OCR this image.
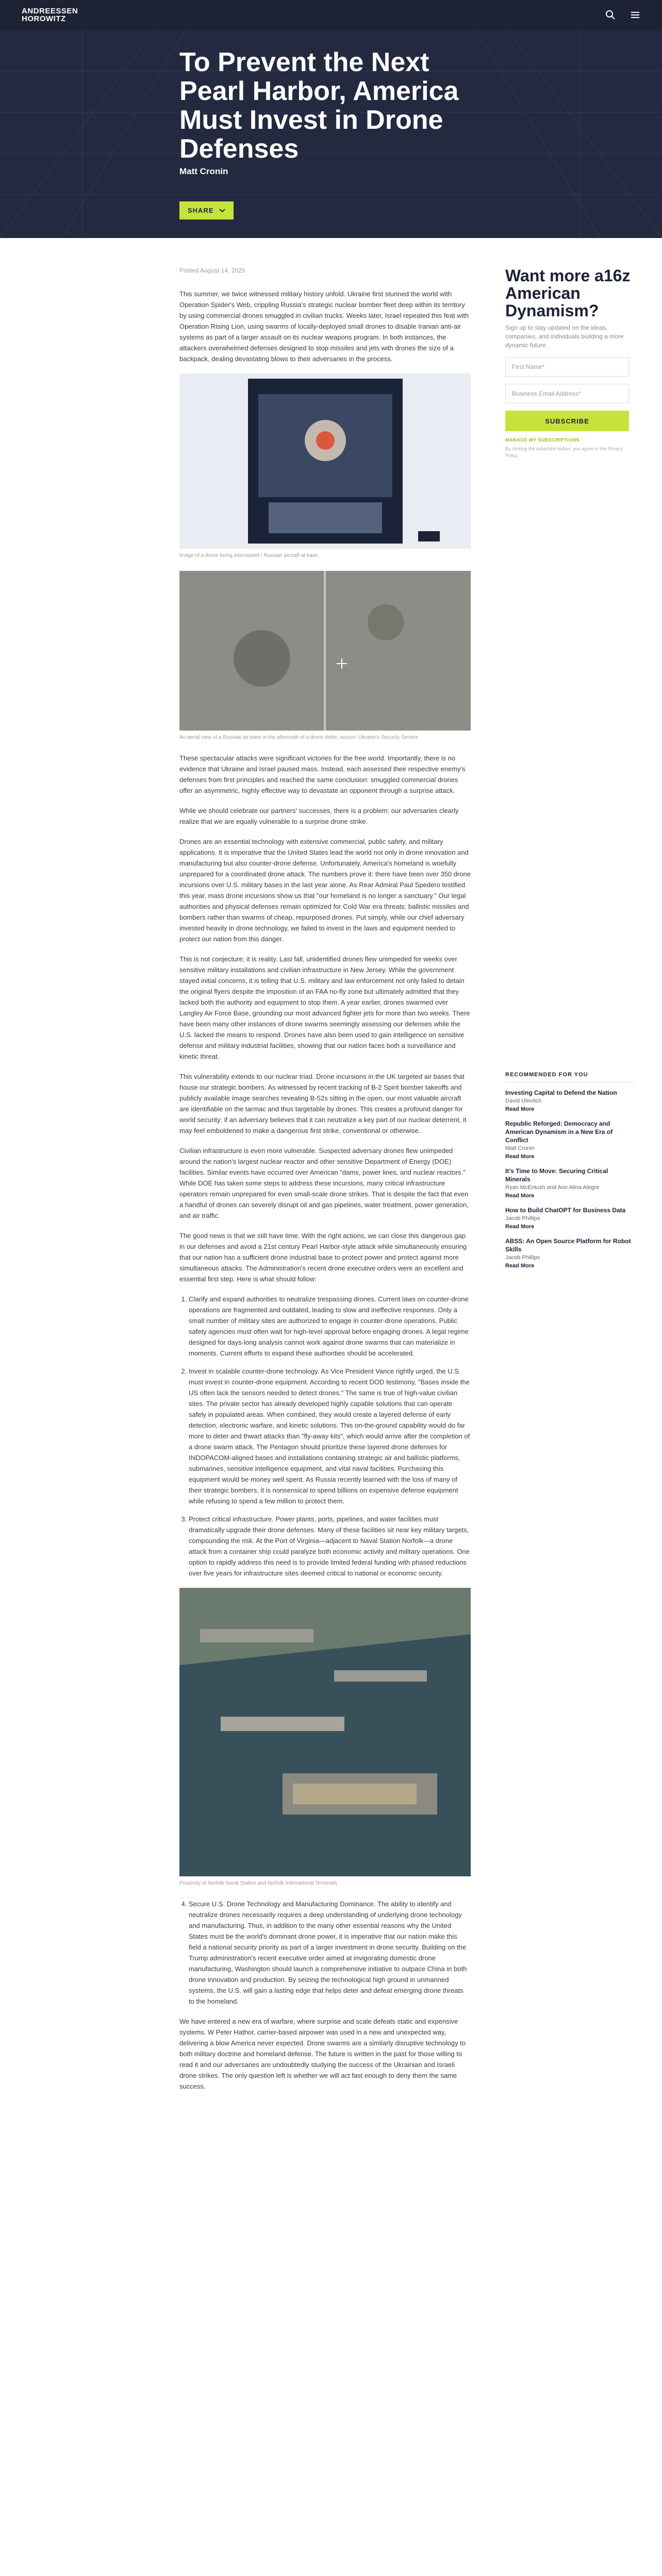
ANDREESSEN
HOROWITZ
To Prevent the Next Pearl Harbor, America Must Invest in Drone Defenses
Matt Cronin
SHARE
Posted August 14, 2025

This summer, we twice witnessed military history unfold. Ukraine first stunned the world with Operation Spider's Web, crippling Russia's strategic nuclear bomber fleet deep within its territory by using commercial drones smuggled in civilian trucks. Weeks later, Israel repeated this feat with Operation Rising Lion, using swarms of locally-deployed small drones to disable Iranian anti-air systems as part of a larger assault on its nuclear weapons program. In both instances, the attackers overwhelmed defenses designed to stop missiles and jets with drones the size of a backpack, dealing devastating blows to their adversaries in the process.

Image of a drone being intercepted / Russian aircraft at base
An aerial view of a Russian air base in the aftermath of a drone strike, source: Ukraine's Security Service

These spectacular attacks were significant victories for the free world. Importantly, there is no evidence that Ukraine and Israel paused mass. Instead, each assessed their respective enemy's defenses from first principles and reached the same conclusion: smuggled commercial drones offer an asymmetric, highly effective way to devastate an opponent through a surprise attack.

While we should celebrate our partners' successes, there is a problem: our adversaries clearly realize that we are equally vulnerable to a surprise drone strike.

Drones are an essential technology with extensive commercial, public safety, and military applications. It is imperative that the United States lead the world not only in drone innovation and manufacturing but also counter-drone defense. Unfortunately, America's homeland is woefully unprepared for a coordinated drone attack. The numbers prove it: there have been over 350 drone incursions over U.S. military bases in the last year alone. As Rear Admiral Paul Spedero testified this year, mass drone incursions show us that "our homeland is no longer a sanctuary." Our legal authorities and physical defenses remain optimized for Cold War era threats: ballistic missiles and bombers rather than swarms of cheap, repurposed drones. Put simply, while our chief adversary invested heavily in drone technology, we failed to invest in the laws and equipment needed to protect our nation from this danger.

This is not conjecture; it is reality. Last fall, unidentified drones flew unimpeded for weeks over sensitive military installations and civilian infrastructure in New Jersey. While the government stayed initial concerns, it is telling that U.S. military and law enforcement not only failed to detain the original flyers despite the imposition of an FAA no-fly zone but ultimately admitted that they lacked both the authority and equipment to stop them. A year earlier, drones swarmed over Langley Air Force Base, grounding our most advanced fighter jets for more than two weeks. There have been many other instances of drone swarms seemingly assessing our defenses while the U.S. lacked the means to respond. Drones have also been used to gain intelligence on sensitive defense and military industrial facilities, showing that our nation faces both a surveillance and kinetic threat.

This vulnerability extends to our nuclear triad. Drone incursions in the UK targeted air bases that house our strategic bombers. As witnessed by recent tracking of B-2 Spirit bomber takeoffs and publicly available image searches revealing B-52s sitting in the open, our most valuable aircraft are identifiable on the tarmac and thus targetable by drones. This creates a profound danger for world security: if an adversary believes that it can neutralize a key part of our nuclear deterrent, it may feel emboldened to make a dangerous first strike, conventional or otherwise.

Civilian infrastructure is even more vulnerable. Suspected adversary drones flew unimpeded around the nation's largest nuclear reactor and other sensitive Department of Energy (DOE) facilities. Similar events have occurred over American "dams, power lines, and nuclear reactors." While DOE has taken some steps to address these incursions, many critical infrastructure operators remain unprepared for even small-scale drone strikes. That is despite the fact that even a handful of drones can severely disrupt oil and gas pipelines, water treatment, power generation, and air traffic.

The good news is that we still have time. With the right actions, we can close this dangerous gap in our defenses and avoid a 21st century Pearl Harbor-style attack while simultaneously ensuring that our nation has a sufficient drone industrial base to protect power and protect against more simultaneous attacks. The Administration's recent drone executive orders were an excellent and essential first step. Here is what should follow:

1. Clarify and expand authorities to neutralize trespassing drones. Current laws on counter-drone operations are fragmented and outdated, leading to slow and ineffective responses. Only a small number of military sites are authorized to engage in counter-drone operations. Public safety agencies must often wait for high-level approval before engaging drones. A legal regime designed for days-long analysis cannot work against drone swarms that can materialize in moments. Current efforts to expand these authorities should be accelerated.
2. Invest in scalable counter-drone technology. As Vice President Vance rightly urged, the U.S. must invest in counter-drone equipment. According to recent DOD testimony, "Bases inside the US often lack the sensors needed to detect drones." The same is true of high-value civilian sites. The private sector has already developed highly capable solutions that can operate safely in populated areas. When combined, they would create a layered defense of early detection, electronic warfare, and kinetic solutions. This on-the-ground capability would do far more to deter and thwart attacks than "fly-away kits", which would arrive after the completion of a drone swarm attack. The Pentagon should prioritize these layered drone defenses for INDOPACOM-aligned bases and installations containing strategic air and ballistic platforms, submarines, sensitive intelligence equipment, and vital naval facilities. Purchasing this equipment would be money well spent. As Russia recently learned with the loss of many of their strategic bombers, it is nonsensical to spend billions on expensive defense equipment while refusing to spend a few million to protect them.
3. Protect critical infrastructure. Power plants, ports, pipelines, and water facilities must dramatically upgrade their drone defenses. Many of these facilities sit near key military targets, compounding the risk. At the Port of Virginia—adjacent to Naval Station Norfolk—a drone attack from a container ship could paralyze both economic activity and military operations. One option to rapidly address this need is to provide limited federal funding with phased reductions over five years for infrastructure sites deemed critical to national or economic security.
Proximity of Norfolk Naval Station and Norfolk International Terminals
4. Secure U.S. Drone Technology and Manufacturing Dominance. The ability to identify and neutralize drones necessarily requires a deep understanding of underlying drone technology and manufacturing. Thus, in addition to the many other essential reasons why the United States must be the world's dominant drone power, it is imperative that our nation make this field a national security priority as part of a larger investment in drone security. Building on the Trump administration's recent executive order aimed at invigorating domestic drone manufacturing, Washington should launch a comprehensive initiative to outpace China in both drone innovation and production. By seizing the technological high ground in unmanned systems, the U.S. will gain a lasting edge that helps deter and defeat emerging drone threats to the homeland.

We have entered a new era of warfare, where surprise and scale defeats static and expensive systems. W Peter Hathor, carrier-based airpower was used in a new and unexpected way, delivering a blow America never expected. Drone swarms are a similarly disruptive technology to both military doctrine and homeland defense. The future is written in the past for those willing to read it and our adversaries are undoubtedly studying the success of the Ukrainian and Israeli drone strikes. The only question left is whether we will act fast enough to deny them the same success.

Want more a16z American Dynamism?
Sign up to stay updated on the ideas, companies, and individuals building a more dynamic future.
First Name*
Business Email Address*
SUBSCRIBE
MANAGE MY SUBSCRIPTIONS
By clicking the subscribe button, you agree to the Privacy Policy.
RECOMMENDED FOR YOU
Investing Capital to Defend the Nation
David Ulevitch
Read More
Republic Reforged: Democracy and American Dynamism in a New Era of Conflict
Matt Cronin
Read More
It's Time to Move: Securing Critical Minerals
Ryan McEntush and Ann Alina Alegre
Read More
How to Build ChatOPT for Business Data
Jacob Phillips
Read More
ABSS: An Open Source Platform for Robot Skills
Jacob Phillips
Read More
